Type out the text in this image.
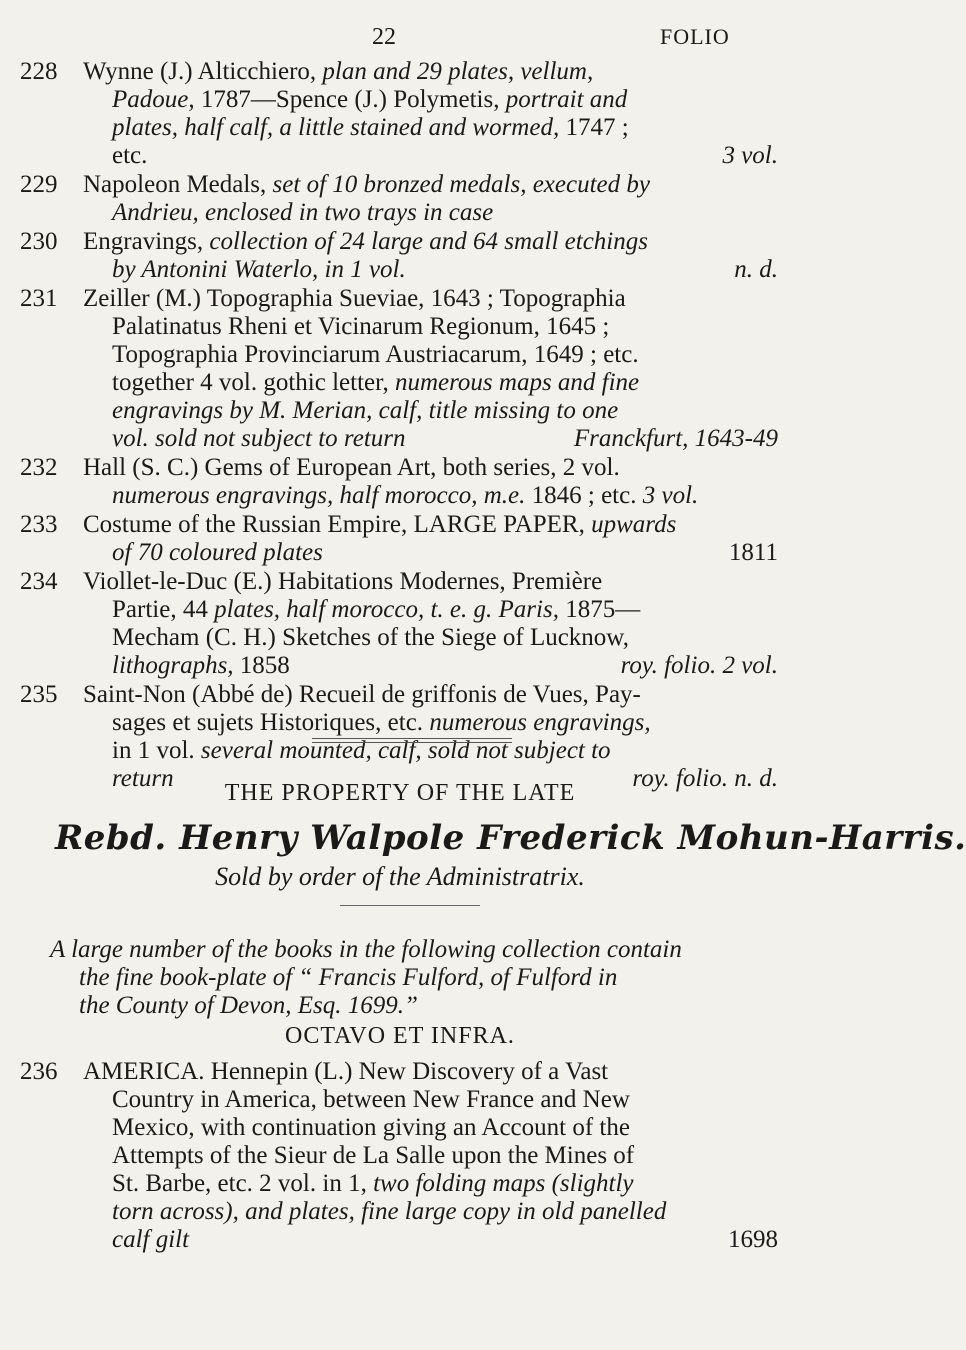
22	FOLIO
228 Wynne (J.) Alticchiero, plan and 29 plates, vellum,
Padoue, 1787—Spence (J.) Polymetis, portrait and
plates, half calf, a little stained and wormed, 1747 ;
etc.	3 vol.
229 Napoleon Medals, set of 10 bronzed medals, executed by
Andrieu, enclosed in two trays in case
230 Engravings, collection of 24 large and 64 small etchings
by Antonini Waterlo, in 1 vol.	n. d.
231 Zeiller (M.) Topographia Sueviae, 1643 ; Topographia
Palatinatus Rheni et Vicinarum Regionum, 1645 ;
Topographia Provinciarum Austriacarum, 1649 ; etc.
together 4 vol. gothic letter, numerous maps and fine
engravings by M. Merian, calf, title missing to one
vol. sold not subject to return	Franckfurt, 1643-49
232 Hall (S. C.) Gems of European Art, both series, 2 vol.
numerous engravings, half morocco, m.e. 1846 ; etc. 3 vol.
233 Costume of the Russian Empire, LARGE PAPER, upwards
of 70 coloured plates	1811
234 Viollet-le-Duc (E.) Habitations Modernes, Première
Partie, 44 plates, half morocco, t. e. g. Paris, 1875—
Mecham (C. H.) Sketches of the Siege of Lucknow,
lithographs, 1858	roy. folio. 2 vol.
235 Saint-Non (Abbé de) Recueil de griffonis de Vues, Pay-
sages et sujets Historiques, etc. numerous engravings,
in 1 vol. several mounted, calf, sold not subject to
return	roy. folio. n. d.
THE PROPERTY OF THE LATE
Rebd. Henry Walpole Frederick Mohun-Harris.
Sold by order of the Administratrix.
A large number of the books in the following collection contain
the fine book-plate of “ Francis Fulford, of Fulford in
the County of Devon, Esq. 1699.”
OCTAVO ET INFRA.
236 AMERICA. Hennepin (L.) New Discovery of a Vast
Country in America, between New France and New
Mexico, with continuation giving an Account of the
Attempts of the Sieur de La Salle upon the Mines of
St. Barbe, etc. 2 vol. in 1, two folding maps (slightly
torn across), and plates, fine large copy in old panelled
calf gilt	1698
